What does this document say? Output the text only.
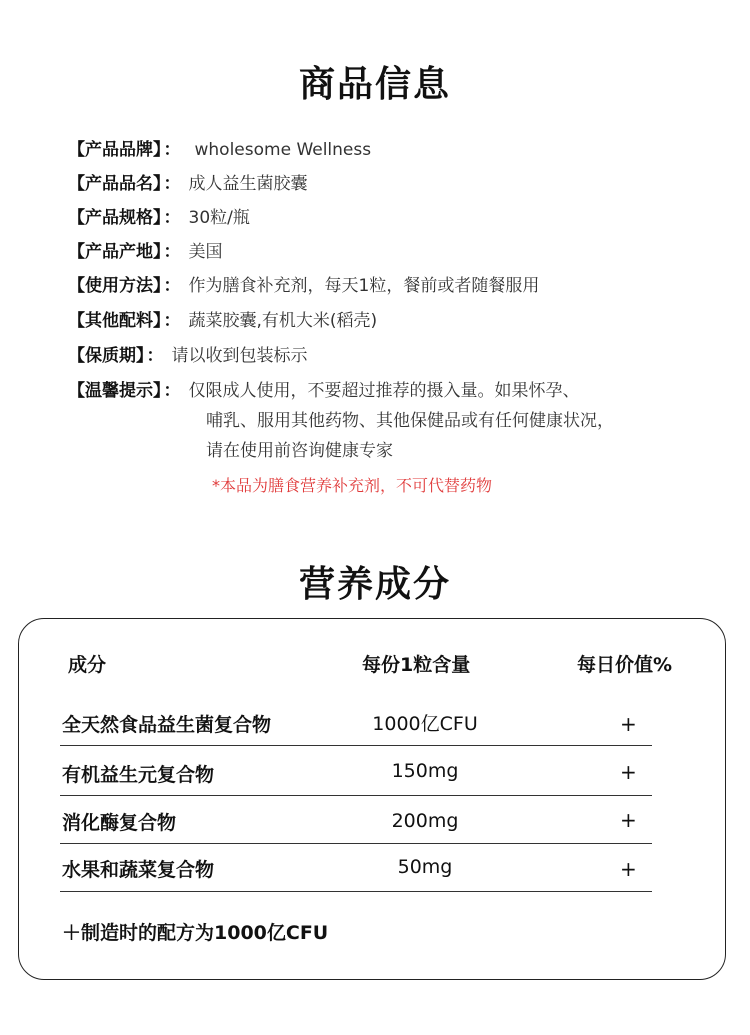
商品信息
【产品品牌】 ： wholesome Wellness
【产品品名】 ： 成人益生菌胶囊
【产品规格】 ： 30粒/瓶
【产品产地】 ： 美国
【使用方法】 ： 作为膳食补充剂，每天1粒，餐前或者随餐服用
【其他配料】 ： 蔬菜胶囊,有机大米(稻壳)
【保质期】 ： 请以收到包装标示
【温馨提示】 ： 仅限成人使用，不要超过推荐的摄入量。如果怀孕、
哺乳、服用其他药物、其他保健品或有任何健康状况，
请在使用前咨询健康专家
*本品为膳食营养补充剂，不可代替药物
营养成分
成分	每份1粒含量	每日价值%
全天然食品益生菌复合物	1000亿CFU	+
有机益生元复合物	150mg	+
消化酶复合物	200mg	+
水果和蔬菜复合物	50mg	+
＋制造时的配方为1000亿CFU
